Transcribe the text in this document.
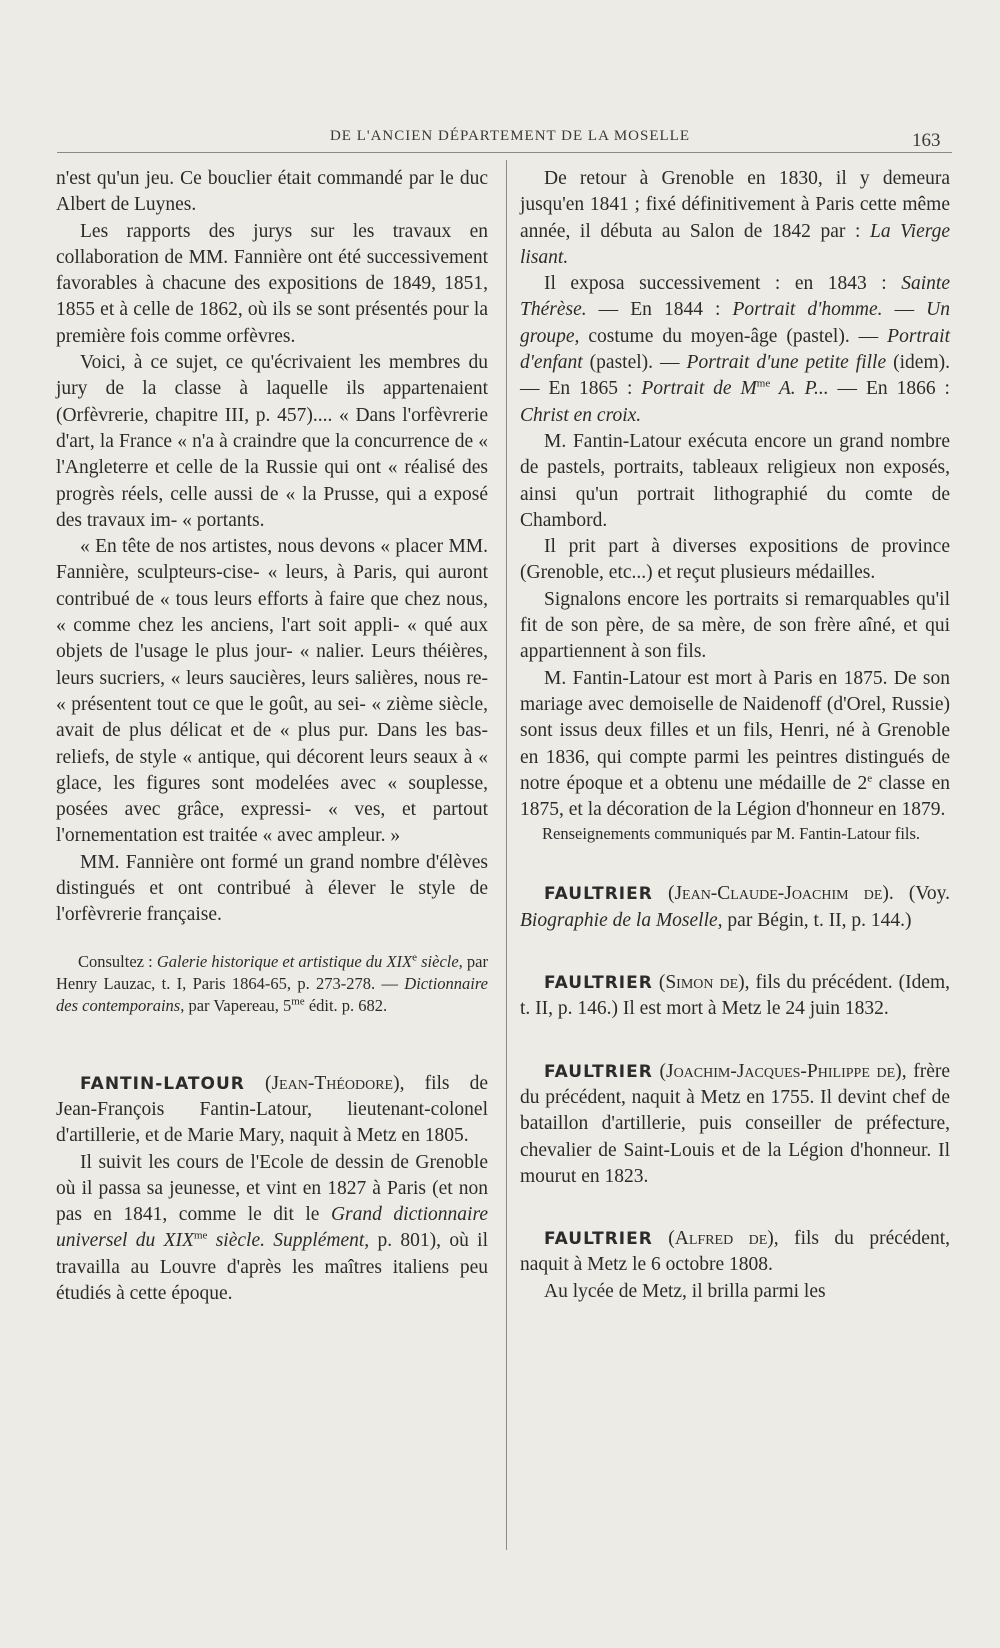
DE L'ANCIEN DÉPARTEMENT DE LA MOSELLE	163

n'est qu'un jeu. Ce bouclier était commandé par le duc Albert de Luynes.

Les rapports des jurys sur les travaux en collaboration de MM. Fannière ont été successivement favorables à chacune des expositions de 1849, 1851, 1855 et à celle de 1862, où ils se sont présentés pour la première fois comme orfèvres.

Voici, à ce sujet, ce qu'écrivaient les membres du jury de la classe à laquelle ils appartenaient (Orfèvrerie, chapitre III, p. 457).... « Dans l'orfèvrerie d'art, la France « n'a à craindre que la concurrence de « l'Angleterre et celle de la Russie qui ont « réalisé des progrès réels, celle aussi de « la Prusse, qui a exposé des travaux im- « portants.

« En tête de nos artistes, nous devons « placer MM. Fannière, sculpteurs-cise- « leurs, à Paris, qui auront contribué de « tous leurs efforts à faire que chez nous, « comme chez les anciens, l'art soit appli- « qué aux objets de l'usage le plus jour- « nalier. Leurs théières, leurs sucriers, « leurs saucières, leurs salières, nous re- « présentent tout ce que le goût, au sei- « zième siècle, avait de plus délicat et de « plus pur. Dans les bas-reliefs, de style « antique, qui décorent leurs seaux à « glace, les figures sont modelées avec « souplesse, posées avec grâce, expressi- « ves, et partout l'ornementation est traitée « avec ampleur. »

MM. Fannière ont formé un grand nombre d'élèves distingués et ont contribué à élever le style de l'orfèvrerie française.

Consultez : Galerie historique et artistique du XIXe siècle, par Henry Lauzac, t. I, Paris 1864-65, p. 273-278. — Dictionnaire des contemporains, par Vapereau, $5^{me}$ édit. p. 682.

FANTIN-LATOUR (Jean-Théodore), fils de Jean-François Fantin-Latour, lieutenant-colonel d'artillerie, et de Marie Mary, naquit à Metz en 1805.

Il suivit les cours de l'Ecole de dessin de Grenoble où il passa sa jeunesse, et vint en 1827 à Paris (et non pas en 1841, comme le dit le Grand dictionnaire universel du $XIX^{me}$ siècle. Supplément, p. 801), où il travailla au Louvre d'après les maîtres italiens peu étudiés à cette époque.

De retour à Grenoble en 1830, il y demeura jusqu'en 1841 ; fixé définitivement à Paris cette même année, il débuta au Salon de 1842 par : La Vierge lisant.

Il exposa successivement : en 1843 : Sainte Thérèse. — En 1844 : Portrait d'homme. — Un groupe, costume du moyen-âge (pastel). — Portrait d'enfant (pastel). — Portrait d'une petite fille (idem).— En 1865 : Portrait de $M^{me}$ A. P... — En 1866 : Christ en croix.

M. Fantin-Latour exécuta encore un grand nombre de pastels, portraits, tableaux religieux non exposés, ainsi qu'un portrait lithographié du comte de Chambord.

Il prit part à diverses expositions de province (Grenoble, etc...) et reçut plusieurs médailles.

Signalons encore les portraits si remarquables qu'il fit de son père, de sa mère, de son frère aîné, et qui appartiennent à son fils.

M. Fantin-Latour est mort à Paris en 1875. De son mariage avec demoiselle de Naidenoff (d'Orel, Russie) sont issus deux filles et un fils, Henri, né à Grenoble en 1836, qui compte parmi les peintres distingués de notre époque et a obtenu une médaille de 2e classe en 1875, et la décoration de la Légion d'honneur en 1879.

Renseignements communiqués par M. Fantin-Latour fils.

FAULTRIER (Jean-Claude-Joachim de). (Voy. Biographie de la Moselle, par Bégin, t. II, p. 144.)

FAULTRIER (Simon de), fils du précédent. (Idem, t. II, p. 146.) Il est mort à Metz le 24 juin 1832.

FAULTRIER (Joachim-Jacques-Philippe de), frère du précédent, naquit à Metz en 1755. Il devint chef de bataillon d'artillerie, puis conseiller de préfecture, chevalier de Saint-Louis et de la Légion d'honneur. Il mourut en 1823.

FAULTRIER (Alfred de), fils du précédent, naquit à Metz le 6 octobre 1808.

Au lycée de Metz, il brilla parmi les
